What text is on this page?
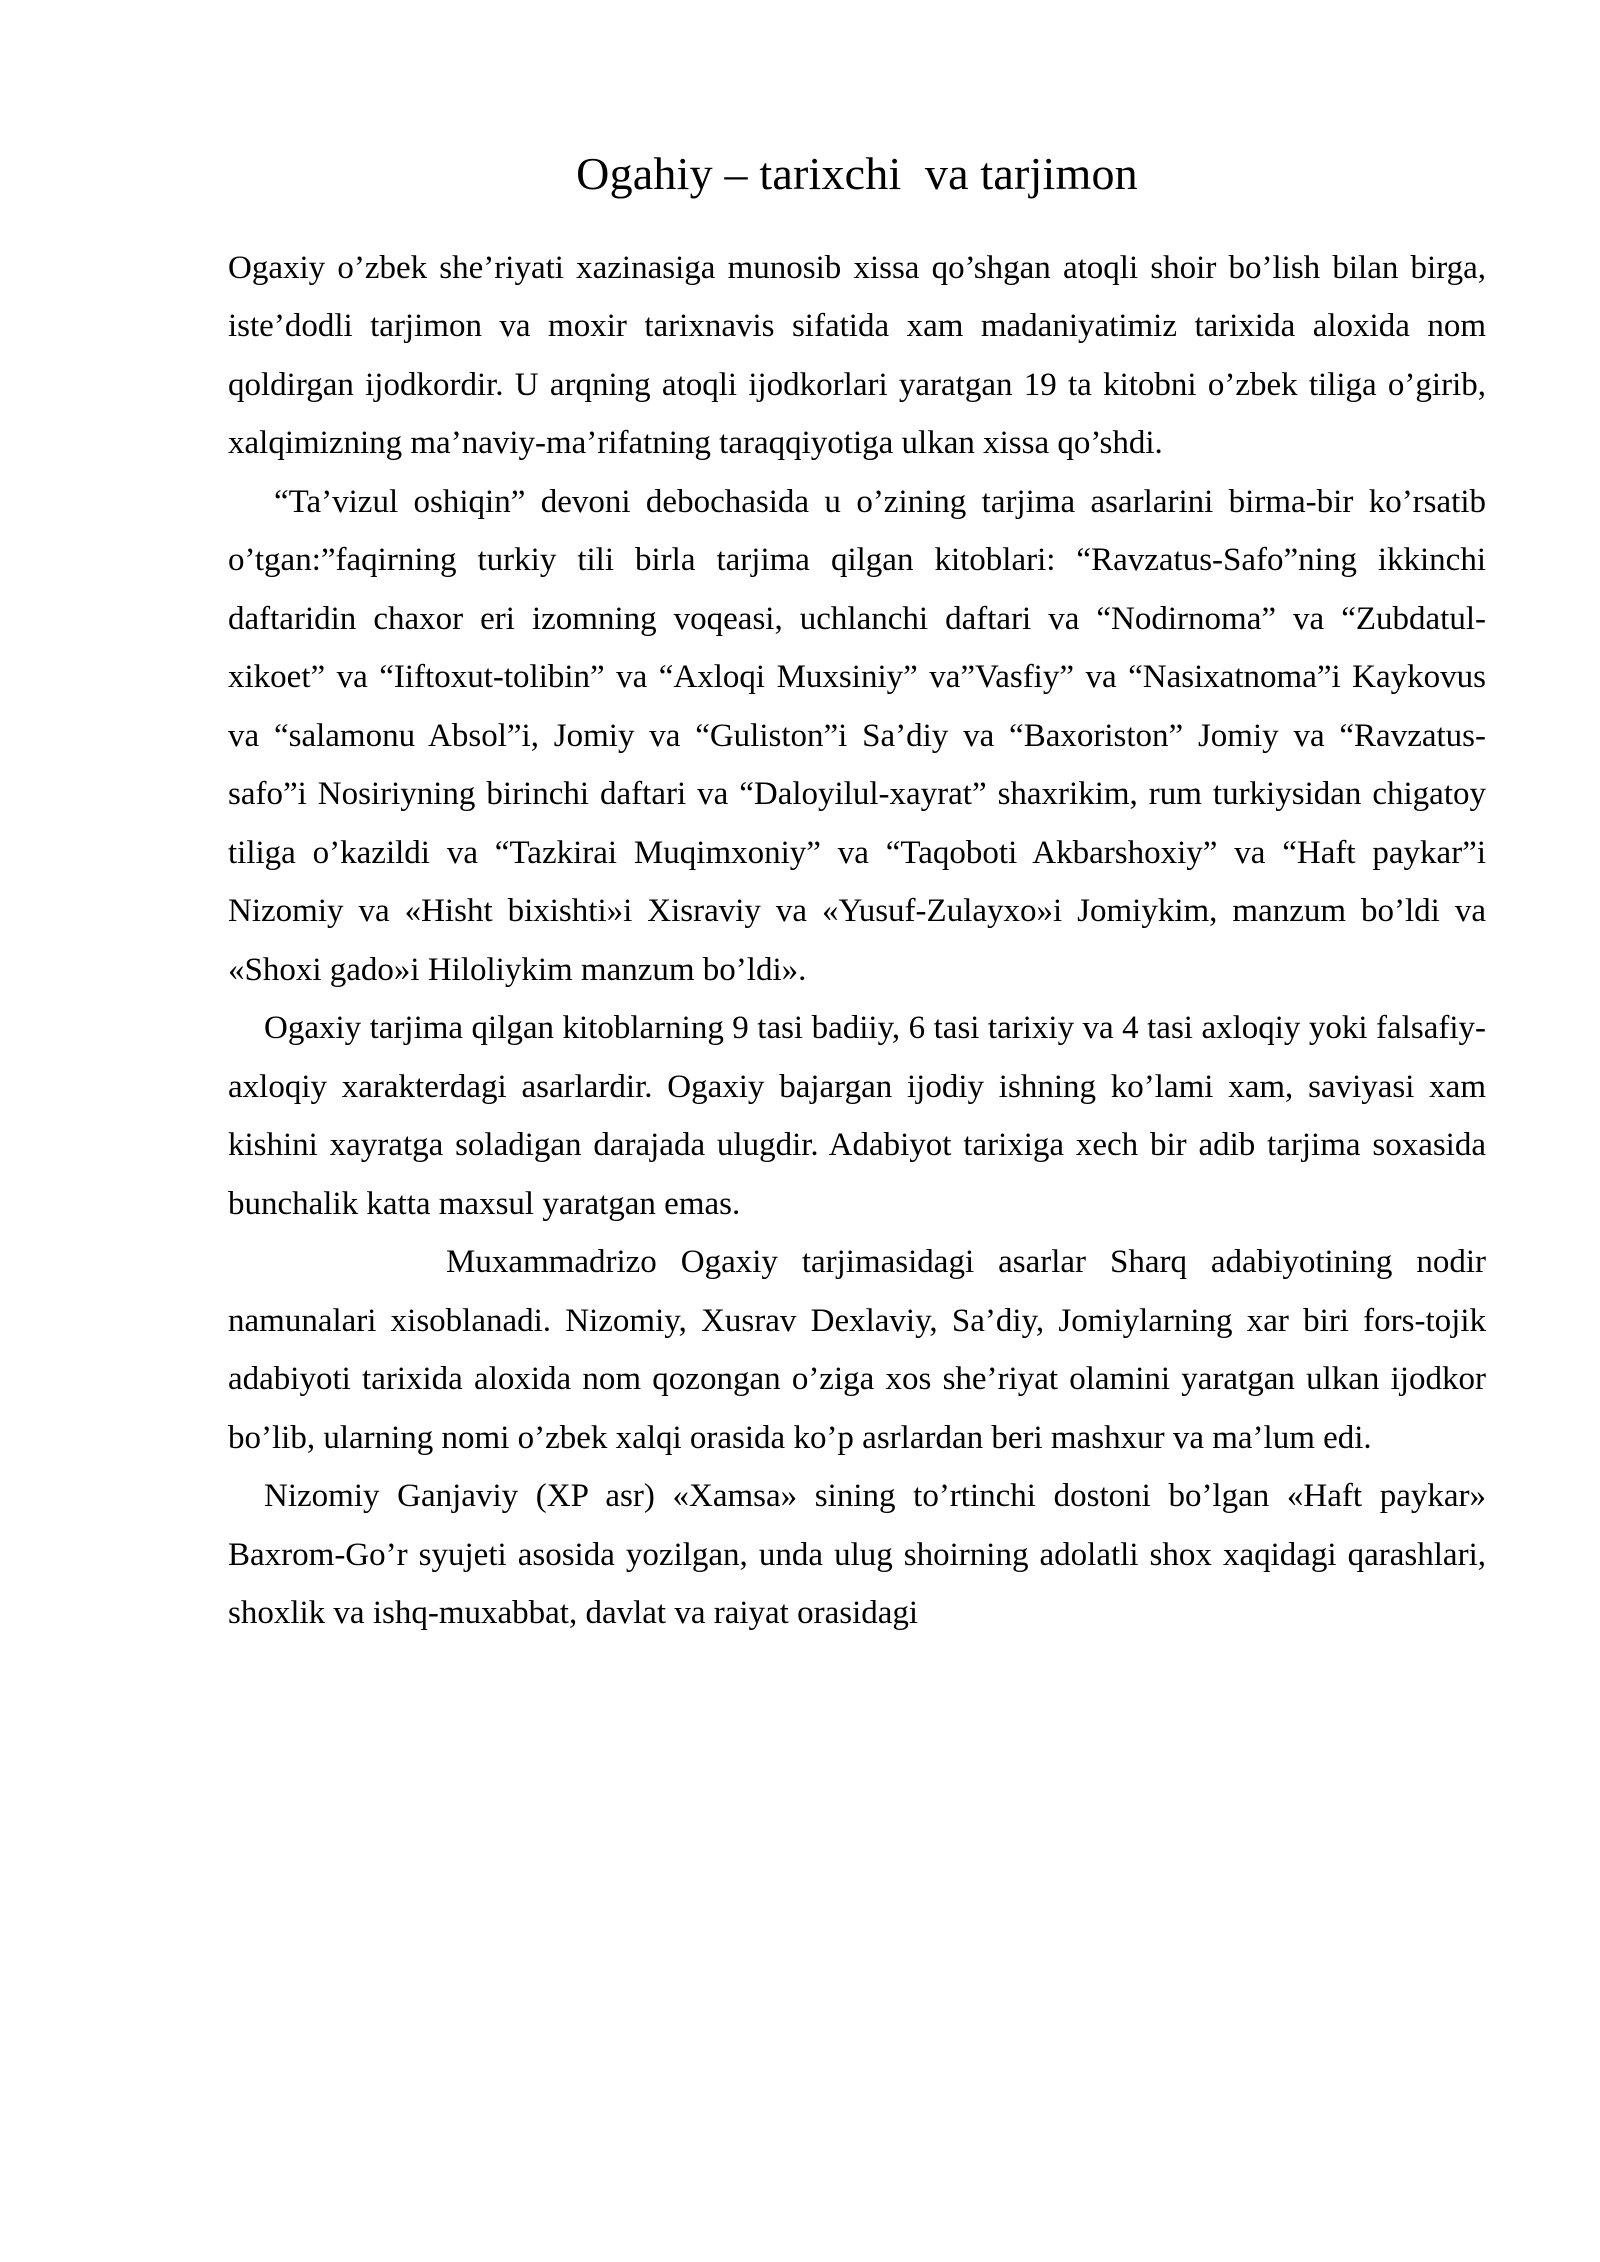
Ogahiy – tarixchi  va tarjimon

Ogaxiy o’zbek she’riyati xazinasiga munosib xissa qo’shgan atoqli shoir bo’lish bilan birga, iste’dodli tarjimon va moxir tarixnavis sifatida xam madaniyatimiz tarixida aloxida nom qoldirgan ijodkordir. U arqning atoqli ijodkorlari yaratgan 19 ta kitobni o’zbek tiliga o’girib, xalqimizning ma’naviy-ma’rifatning taraqqiyotiga ulkan xissa qo’shdi.

“Ta’vizul oshiqin” devoni debochasida u o’zining tarjima asarlarini birma-bir ko’rsatib o’tgan:”faqirning turkiy tili birla tarjima qilgan kitoblari: “Ravzatus-Safo”ning ikkinchi daftaridin chaxor eri izomning voqeasi, uchlanchi daftari va “Nodirnoma” va “Zubdatul-xikoet” va “Iiftoxut-tolibin” va “Axloqi Muxsiniy” va”Vasfiy” va “Nasixatnoma”i Kaykovus va “salamonu Absol”i, Jomiy va “Guliston”i Sa’diy va “Baxoriston” Jomiy va “Ravzatus-safo”i Nosiriyning birinchi daftari va “Daloyilul-xayrat” shaxrikim, rum turkiysidan chigatoy tiliga o’kazildi va “Tazkirai Muqimxoniy” va “Taqoboti Akbarshoxiy” va “Haft paykar”i Nizomiy va «Hisht bixishti»i Xisraviy va «Yusuf-Zulayxo»i Jomiykim, manzum bo’ldi va «Shoxi gado»i Hiloliykim manzum bo’ldi».

Ogaxiy tarjima qilgan kitoblarning 9 tasi badiiy, 6 tasi tarixiy va 4 tasi axloqiy yoki falsafiy-axloqiy xarakterdagi asarlardir. Ogaxiy bajargan ijodiy ishning ko’lami xam, saviyasi xam kishini xayratga soladigan darajada ulugdir. Adabiyot tarixiga xech bir adib tarjima soxasida bunchalik katta maxsul yaratgan emas.

Muxammadrizo Ogaxiy tarjimasidagi asarlar Sharq adabiyotining nodir namunalari xisoblanadi. Nizomiy, Xusrav Dexlaviy, Sa’diy, Jomiylarning xar biri fors-tojik adabiyoti tarixida aloxida nom qozongan o’ziga xos she’riyat olamini yaratgan ulkan ijodkor bo’lib, ularning nomi o’zbek xalqi orasida ko’p asrlardan beri mashxur va ma’lum edi.

Nizomiy Ganjaviy (XP asr) «Xamsa» sining to’rtinchi dostoni bo’lgan «Haft paykar» Baxrom-Go’r syujeti asosida yozilgan, unda ulug shoirning adolatli shox xaqidagi qarashlari, shoxlik va ishq-muxabbat, davlat va raiyat orasidagi
